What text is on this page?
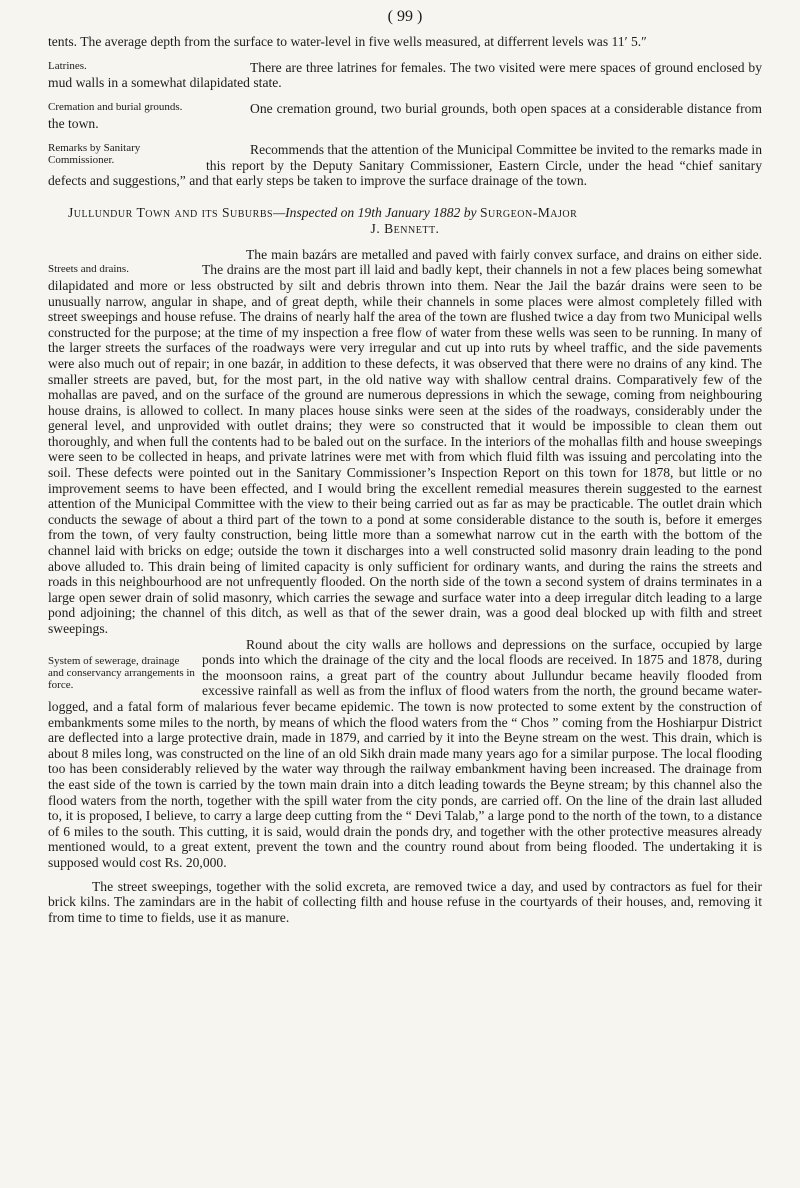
( 99 )

tents. The average depth from the surface to water-level in five wells measured, at differrent levels was 11′ 5.″

Latrines.	There are three latrines for females. The two visited were mere spaces of ground enclosed by mud walls in a somewhat dilapidated state.

Cremation and burial grounds.	One cremation ground, two burial grounds, both open spaces at a considerable distance from the town.

Remarks by Sanitary Commissioner.

Recommends that the attention of the Municipal Committee be invited to the remarks made in this report by the Deputy Sanitary Commissioner, Eastern Circle, under the head “chief sanitary defects and suggestions,” and that early steps be taken to improve the surface drainage of the town.

Jullundur Town and its Suburbs—Inspected on 19th January 1882 by Surgeon-Major
J. Bennett.
Streets and drains.

The main bazárs are metalled and paved with fairly convex surface, and drains on either side. The drains are the most part ill laid and badly kept, their channels in not a few places being somewhat dilapidated and more or less obstructed by silt and debris thrown into them. Near the Jail the bazár drains were seen to be unusually narrow, angular in shape, and of great depth, while their channels in some places were almost completely filled with street sweepings and house refuse. The drains of nearly half the area of the town are flushed twice a day from two Municipal wells constructed for the purpose; at the time of my inspection a free flow of water from these wells was seen to be running. In many of the larger streets the surfaces of the roadways were very irregular and cut up into ruts by wheel traffic, and the side pavements were also much out of repair; in one bazár, in addition to these defects, it was observed that there were no drains of any kind. The smaller streets are paved, but, for the most part, in the old native way with shallow central drains. Comparatively few of the mohallas are paved, and on the surface of the ground are numerous depressions in which the sewage, coming from neighbouring house drains, is allowed to collect. In many places house sinks were seen at the sides of the roadways, considerably under the general level, and unprovided with outlet drains; they were so constructed that it would be impossible to clean them out thoroughly, and when full the contents had to be baled out on the surface. In the interiors of the mohallas filth and house sweepings were seen to be collected in heaps, and private latrines were met with from which fluid filth was issuing and percolating into the soil. These defects were pointed out in the Sanitary Commissioner’s Inspection Report on this town for 1878, but little or no improvement seems to have been effected, and I would bring the excellent remedial measures therein suggested to the earnest attention of the Municipal Committee with the view to their being carried out as far as may be practicable. The outlet drain which conducts the sewage of about a third part of the town to a pond at some considerable distance to the south is, before it emerges from the town, of very faulty construction, being little more than a somewhat narrow cut in the earth with the bottom of the channel laid with bricks on edge; outside the town it discharges into a well constructed solid masonry drain leading to the pond above alluded to. This drain being of limited capacity is only sufficient for ordinary wants, and during the rains the streets and roads in this neighbourhood are not unfrequently flooded. On the north side of the town a second system of drains terminates in a large open sewer drain of solid masonry, which carries the sewage and surface water into a deep irregular ditch leading to a large pond adjoining; the channel of this ditch, as well as that of the sewer drain, was a good deal blocked up with filth and street sweepings.

System of sewerage, drainage and conservancy arrangements in force.

Round about the city walls are hollows and depressions on the surface, occupied by large ponds into which the drainage of the city and the local floods are received. In 1875 and 1878, during the moonsoon rains, a great part of the country about Jullundur became heavily flooded from excessive rainfall as well as from the influx of flood waters from the north, the ground became water-logged, and a fatal form of malarious fever became epidemic. The town is now protected to some extent by the construction of embankments some miles to the north, by means of which the flood waters from the “ Chos ” coming from the Hoshiarpur District are deflected into a large protective drain, made in 1879, and carried by it into the Beyne stream on the west. This drain, which is about 8 miles long, was constructed on the line of an old Sikh drain made many years ago for a similar purpose. The local flooding too has been considerably relieved by the water way through the railway embankment having been increased. The drainage from the east side of the town is carried by the town main drain into a ditch leading towards the Beyne stream; by this channel also the flood waters from the north, together with the spill water from the city ponds, are carried off. On the line of the drain last alluded to, it is proposed, I believe, to carry a large deep cutting from the “ Devi Talab,” a large pond to the north of the town, to a distance of 6 miles to the south. This cutting, it is said, would drain the ponds dry, and together with the other protective measures already mentioned would, to a great extent, prevent the town and the country round about from being flooded. The undertaking it is supposed would cost Rs. 20,000.

The street sweepings, together with the solid excreta, are removed twice a day, and used by contractors as fuel for their brick kilns. The zamindars are in the habit of collecting filth and house refuse in the courtyards of their houses, and, removing it from time to time to fields, use it as manure.
